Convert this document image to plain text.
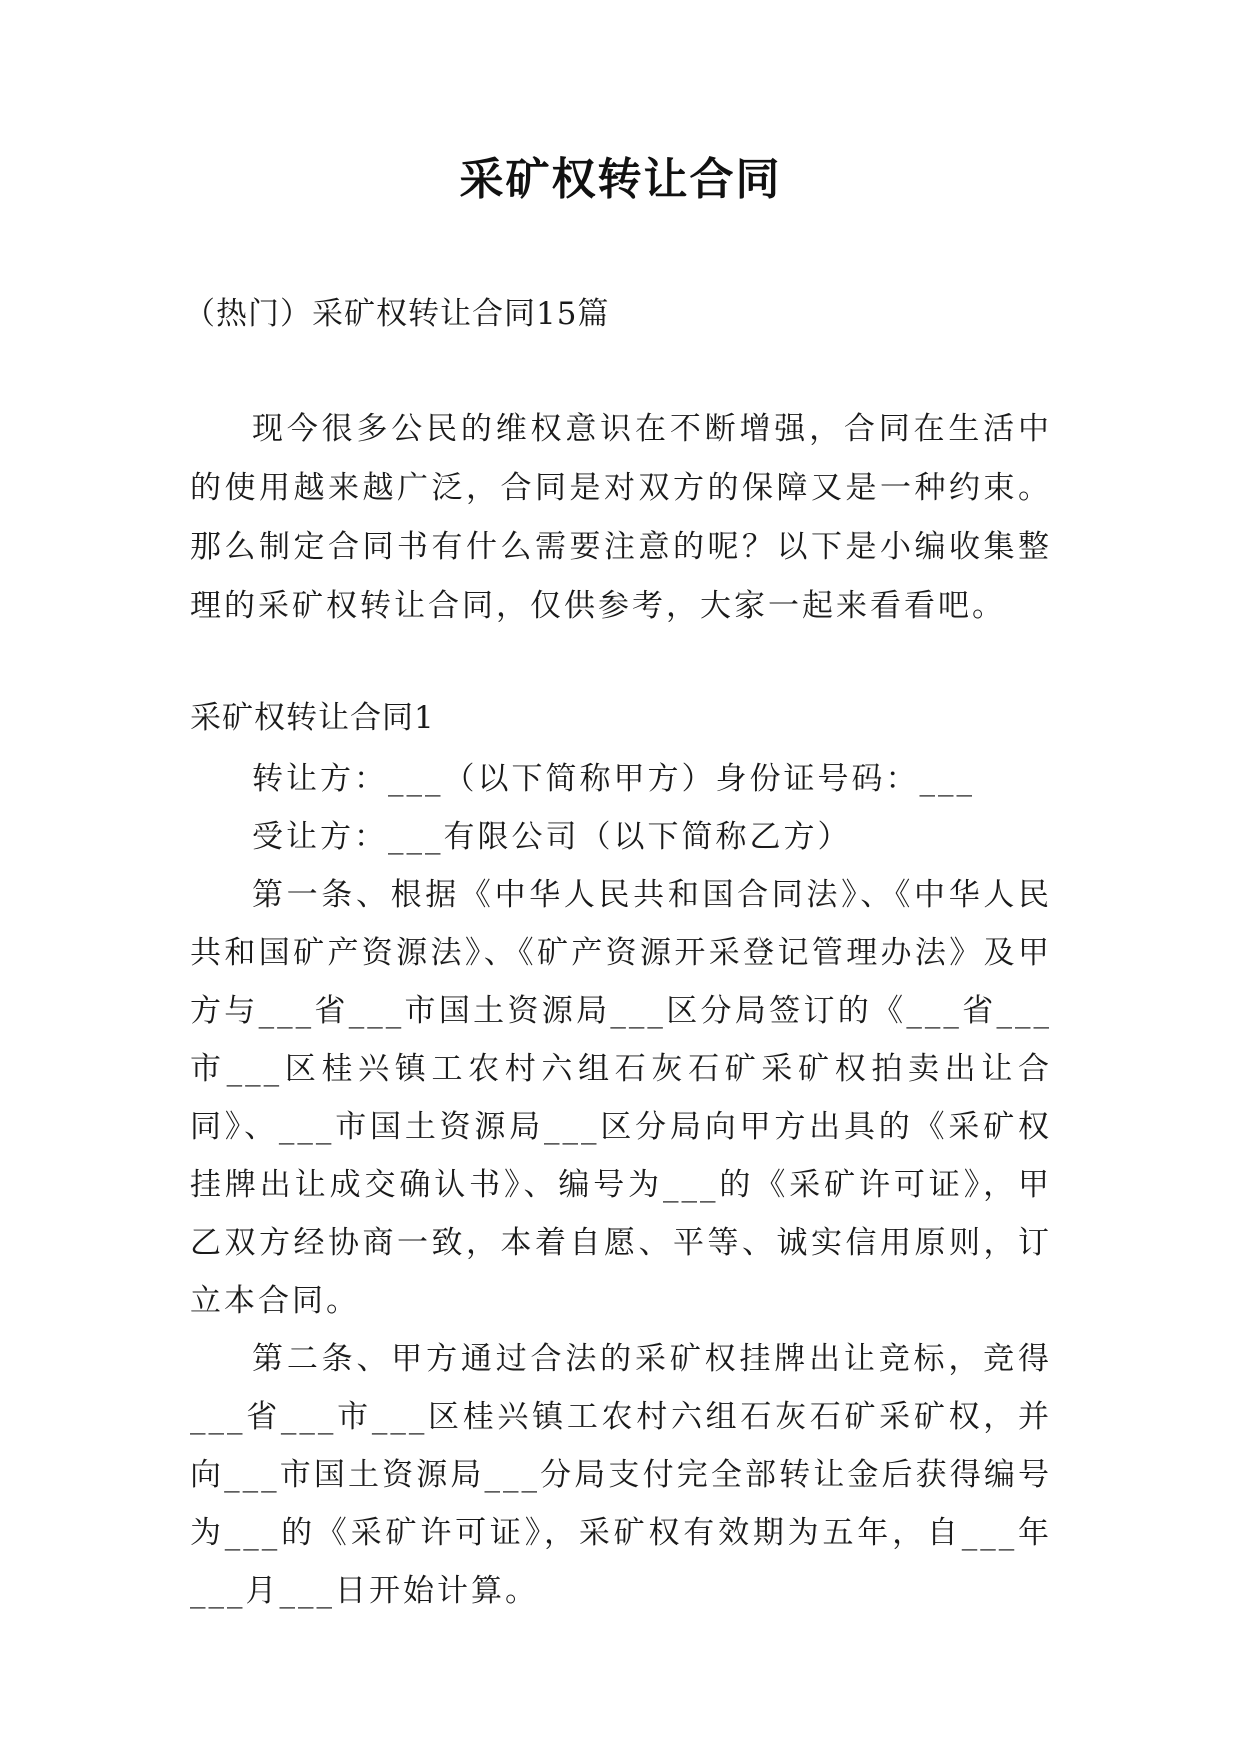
采矿权转让合同
（热门）采矿权转让合同15篇
现今很多公民的维权意识在不断增强，合同在生活中的使用越来越广泛，合同是对双方的保障又是一种约束。那么制定合同书有什么需要注意的呢？以下是小编收集整理的采矿权转让合同，仅供参考，大家一起来看看吧。
采矿权转让合同1

转让方：___（以下简称甲方）身份证号码：___

受让方：___有限公司（以下简称乙方）

第一条、根据《中华人民共和国合同法》、《中华人民共和国矿产资源法》、《矿产资源开采登记管理办法》及甲方与___省___市国土资源局___区分局签订的《___省___市___区桂兴镇工农村六组石灰石矿采矿权拍卖出让合同》、___市国土资源局___区分局向甲方出具的《采矿权挂牌出让成交确认书》、编号为___的《采矿许可证》，甲乙双方经协商一致，本着自愿、平等、诚实信用原则，订立本合同。

第二条、甲方通过合法的采矿权挂牌出让竞标，竞得___省___市___区桂兴镇工农村六组石灰石矿采矿权，并向___市国土资源局___分局支付完全部转让金后获得编号为___的《采矿许可证》，采矿权有效期为五年，自___年___月___日开始计算。
